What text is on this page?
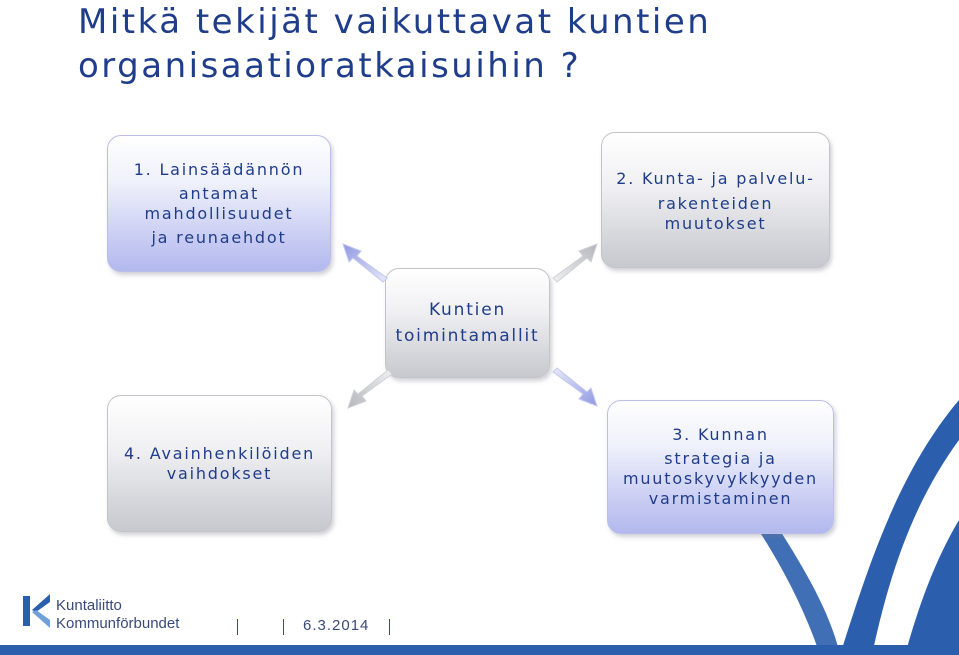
Mitkä tekijät vaikuttavat kuntien
organisaatioratkaisuihin ?
1. Lainsäädännön
antamat
mahdollisuudet
ja reunaehdot
2. Kunta- ja palvelu-
rakenteiden
muutokset
Kuntien
toimintamallit
4. Avainhenkilöiden
vaihdokset
3. Kunnan
strategia ja
muutoskyvykkyyden
varmistaminen
Kuntaliitto
Kommunförbundet	6.3.2014
